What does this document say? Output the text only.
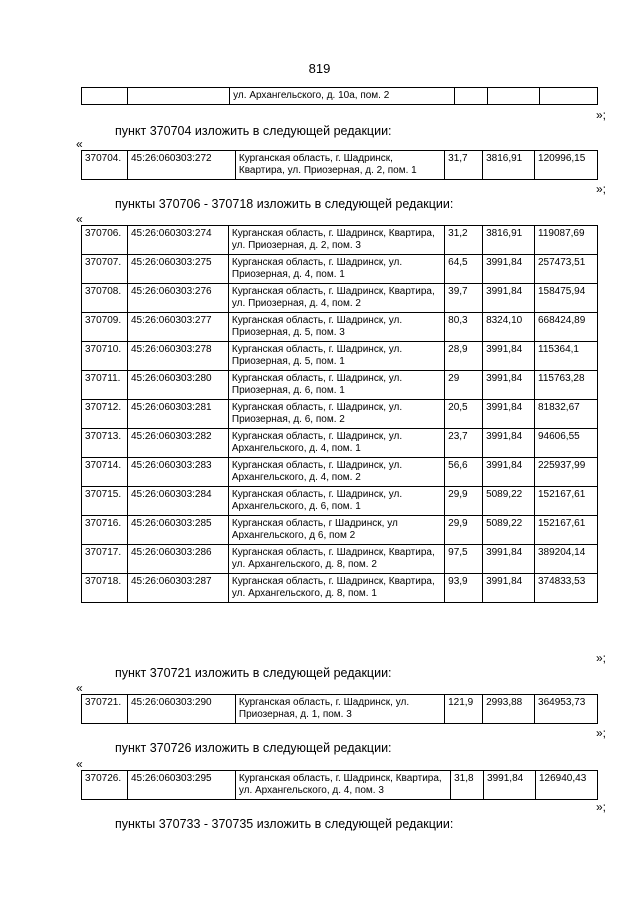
819
		ул. Архангельского, д. 10а, пом. 2			
»;
пункт 370704 изложить в следующей редакции:
«
370704.	45:26:060303:272	Курганская область, г. Шадринск, Квартира, ул. Приозерная, д. 2, пом. 1	31,7	3816,91	120996,15
»;
пункты 370706 - 370718 изложить в следующей редакции:
«
370706.	45:26:060303:274	Курганская область, г. Шадринск, Квартира, ул. Приозерная, д. 2, пом. 3	31,2	3816,91	119087,69
370707.	45:26:060303:275	Курганская область, г. Шадринск, ул. Приозерная, д. 4, пом. 1	64,5	3991,84	257473,51
370708.	45:26:060303:276	Курганская область, г. Шадринск, Квартира, ул. Приозерная, д. 4, пом. 2	39,7	3991,84	158475,94
370709.	45:26:060303:277	Курганская область, г. Шадринск, ул. Приозерная, д. 5, пом. 3	80,3	8324,10	668424,89
370710.	45:26:060303:278	Курганская область, г. Шадринск, ул. Приозерная, д. 5, пом. 1	28,9	3991,84	115364,1
370711.	45:26:060303:280	Курганская область, г. Шадринск, ул. Приозерная, д. 6, пом. 1	29	3991,84	115763,28
370712.	45:26:060303:281	Курганская область, г. Шадринск, ул. Приозерная, д. 6, пом. 2	20,5	3991,84	81832,67
370713.	45:26:060303:282	Курганская область, г. Шадринск, ул. Архангельского, д. 4, пом. 1	23,7	3991,84	94606,55
370714.	45:26:060303:283	Курганская область, г. Шадринск, ул. Архангельского, д. 4, пом. 2	56,6	3991,84	225937,99
370715.	45:26:060303:284	Курганская область, г. Шадринск, ул. Архангельского, д. 6, пом. 1	29,9	5089,22	152167,61
370716.	45:26:060303:285	Курганская область, г Шадринск, ул Архангельского, д 6, пом 2	29,9	5089,22	152167,61
370717.	45:26:060303:286	Курганская область, г. Шадринск, Квартира, ул. Архангельского, д. 8, пом. 2	97,5	3991,84	389204,14
370718.	45:26:060303:287	Курганская область, г. Шадринск, Квартира, ул. Архангельского, д. 8, пом. 1	93,9	3991,84	374833,53
»;
пункт 370721 изложить в следующей редакции:
«
370721.	45:26:060303:290	Курганская область, г. Шадринск, ул. Приозерная, д. 1, пом. 3	121,9	2993,88	364953,73
»;
пункт 370726 изложить в следующей редакции:
«
370726.	45:26:060303:295	Курганская область, г. Шадринск, Квартира, ул. Архангельского, д. 4, пом. 3	31,8	3991,84	126940,43
»;
пункты 370733 - 370735 изложить в следующей редакции:
